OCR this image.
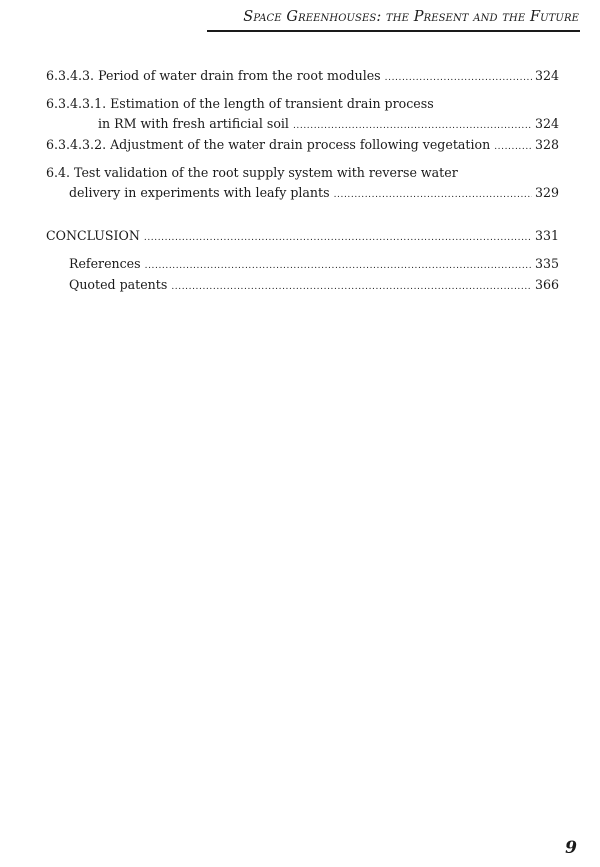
Space Greenhouses: the Present and the Future
6.3.4.3. Period of water drain from the root modules .....	324
6.3.4.3.1. Estimation of the length of transient drain process
in RM with fresh artificial soil .....	324
6.3.4.3.2. Adjustment of the water drain process following vegetation .....	328
6.4. Test validation of the root supply system with reverse water
delivery in experiments with leafy plants .....	329
CONCLUSION .....	331
References .....	335
Quoted patents .....	366
9
